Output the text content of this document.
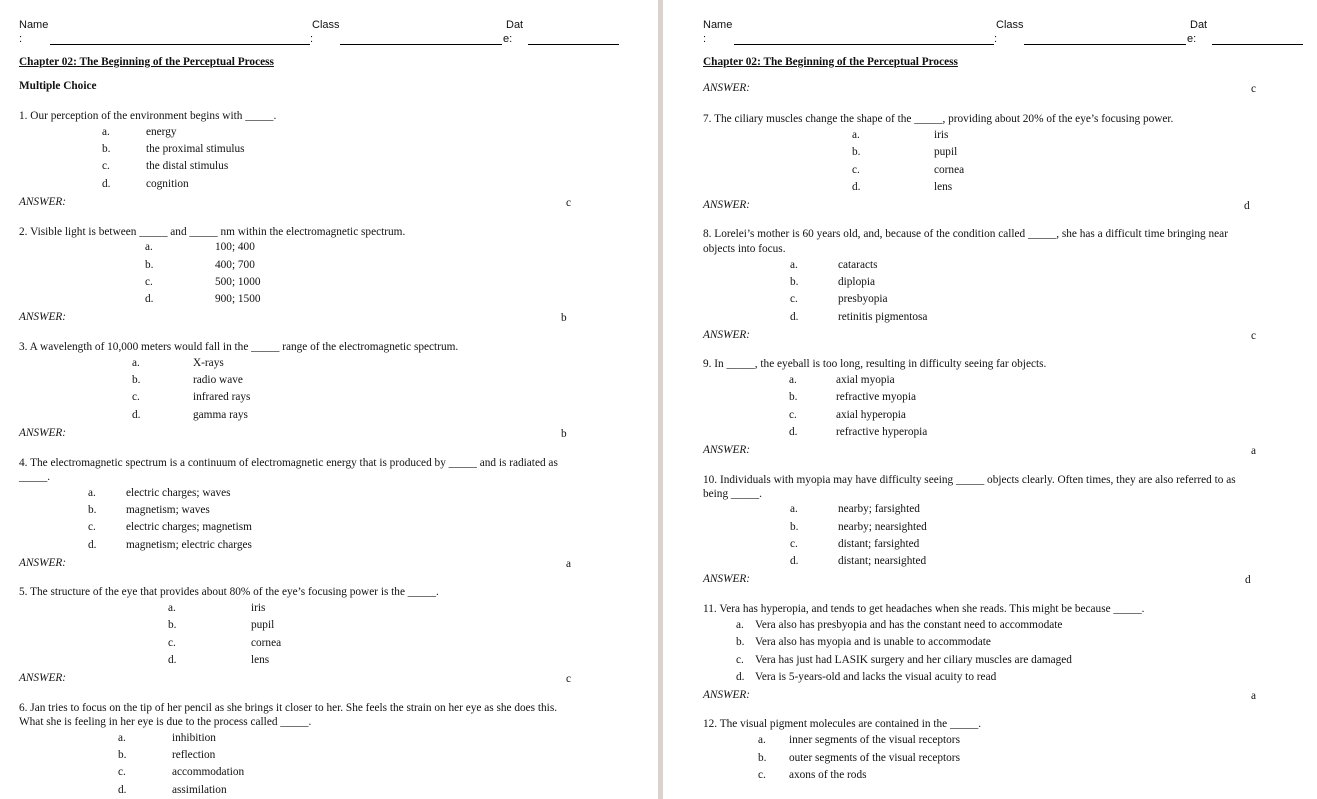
Name
:
Class
:
Dat
e:
Chapter 02: The Beginning of the Perceptual Process
Multiple Choice
1. Our perception of the environment begins with _____.
a.	energy
b.	the proximal stimulus
c.	the distal stimulus
d.	cognition
ANSWER:	c
2. Visible light is between _____ and _____ nm within the electromagnetic spectrum.
a.	100; 400
b.	400; 700
c.	500; 1000
d.	900; 1500
ANSWER:	b
3. A wavelength of 10,000 meters would fall in the _____ range of the electromagnetic spectrum.
a.	X-rays
b.	radio wave
c.	infrared rays
d.	gamma rays
ANSWER:	b
4. The electromagnetic spectrum is a continuum of electromagnetic energy that is produced by _____ and is radiated as
_____.
a.	electric charges; waves
b.	magnetism; waves
c.	electric charges; magnetism
d.	magnetism; electric charges
ANSWER:	a
5. The structure of the eye that provides about 80% of the eye’s focusing power is the _____.
a.	iris
b.	pupil
c.	cornea
d.	lens
ANSWER:	c
6. Jan tries to focus on the tip of her pencil as she brings it closer to her. She feels the strain on her eye as she does this.
What she is feeling in her eye is due to the process called _____.
a.	inhibition
b.	reflection
c.	accommodation
d.	assimilation
Name
:
Class
:
Dat
e:
Chapter 02: The Beginning of the Perceptual Process
ANSWER:	c
7. The ciliary muscles change the shape of the _____, providing about 20% of the eye’s focusing power.
a.	iris
b.	pupil
c.	cornea
d.	lens
ANSWER:	d
8. Lorelei’s mother is 60 years old, and, because of the condition called _____, she has a difficult time bringing near
objects into focus.
a.	cataracts
b.	diplopia
c.	presbyopia
d.	retinitis pigmentosa
ANSWER:	c
9. In _____, the eyeball is too long, resulting in difficulty seeing far objects.
a.	axial myopia
b.	refractive myopia
c.	axial hyperopia
d.	refractive hyperopia
ANSWER:	a
10. Individuals with myopia may have difficulty seeing _____ objects clearly. Often times, they are also referred to as
being _____.
a.	nearby; farsighted
b.	nearby; nearsighted
c.	distant; farsighted
d.	distant; nearsighted
ANSWER:	d
11. Vera has hyperopia, and tends to get headaches when she reads. This might be because _____.
a. Vera also has presbyopia and has the constant need to accommodate
b. Vera also has myopia and is unable to accommodate
c. Vera has just had LASIK surgery and her ciliary muscles are damaged
d. Vera is 5-years-old and lacks the visual acuity to read
ANSWER:	a
12. The visual pigment molecules are contained in the _____.
a. inner segments of the visual receptors
b. outer segments of the visual receptors
c. axons of the rods
